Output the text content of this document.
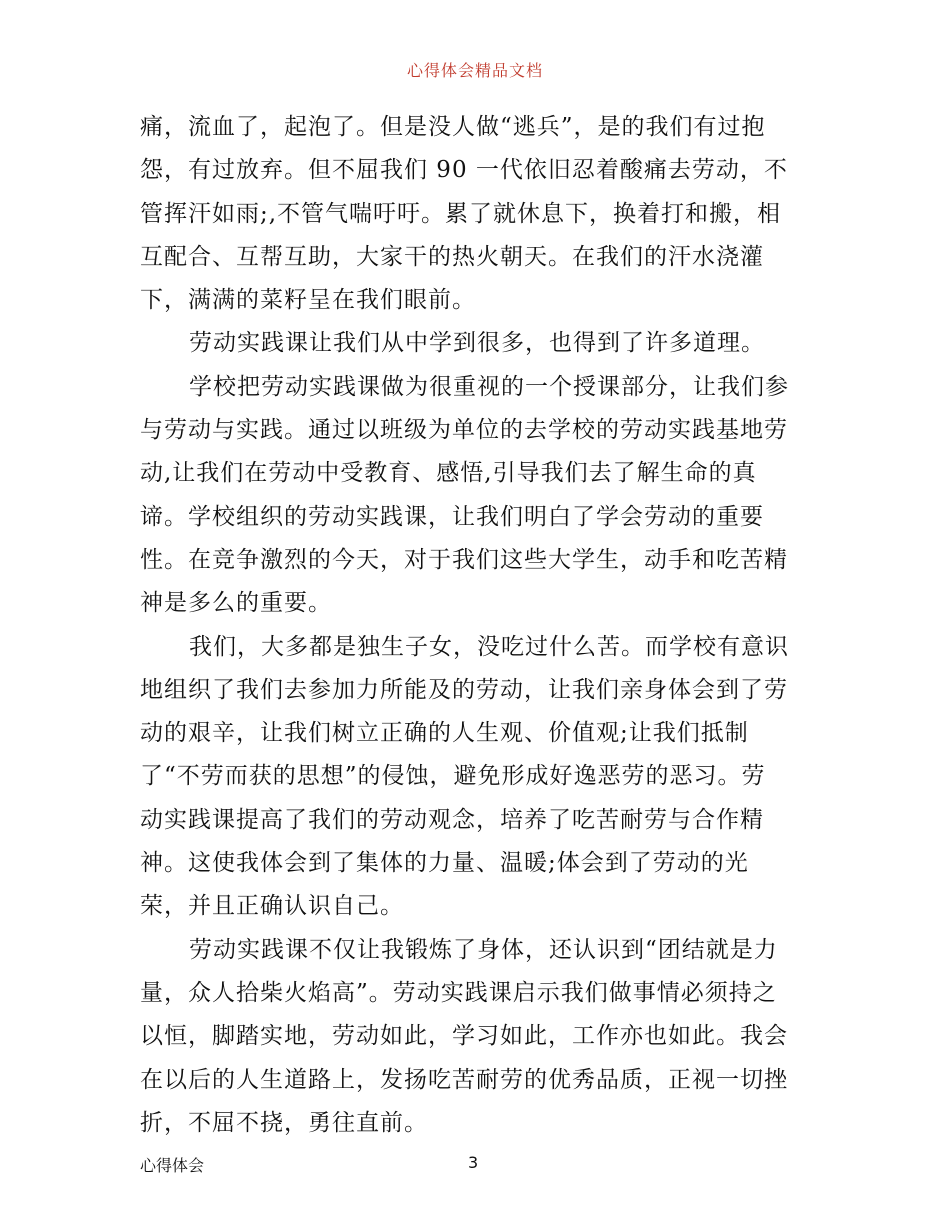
心得体会精品文档
痛，流血了，起泡了。但是没人做“逃兵”，是的我们有过抱
怨，有过放弃。但不屈我们 90 一代依旧忍着酸痛去劳动，不
管挥汗如雨;,不管气喘吁吁。累了就休息下，换着打和搬，相
互配合、互帮互助，大家干的热火朝天。在我们的汗水浇灌
下，满满的菜籽呈在我们眼前。
劳动实践课让我们从中学到很多，也得到了许多道理。
学校把劳动实践课做为很重视的一个授课部分，让我们参
与劳动与实践。通过以班级为单位的去学校的劳动实践基地劳
动,让我们在劳动中受教育、感悟,引导我们去了解生命的真
谛。学校组织的劳动实践课，让我们明白了学会劳动的重要
性。在竞争激烈的今天，对于我们这些大学生，动手和吃苦精
神是多么的重要。
我们，大多都是独生子女，没吃过什么苦。而学校有意识
地组织了我们去参加力所能及的劳动，让我们亲身体会到了劳
动的艰辛，让我们树立正确的人生观、价值观;让我们抵制
了“不劳而获的思想”的侵蚀，避免形成好逸恶劳的恶习。劳
动实践课提高了我们的劳动观念，培养了吃苦耐劳与合作精
神。这使我体会到了集体的力量、温暖;体会到了劳动的光
荣，并且正确认识自己。
劳动实践课不仅让我锻炼了身体，还认识到“团结就是力
量，众人拾柴火焰高”。劳动实践课启示我们做事情必须持之
以恒，脚踏实地，劳动如此，学习如此，工作亦也如此。我会
在以后的人生道路上，发扬吃苦耐劳的优秀品质，正视一切挫
折，不屈不挠，勇往直前。
心得体会	3
